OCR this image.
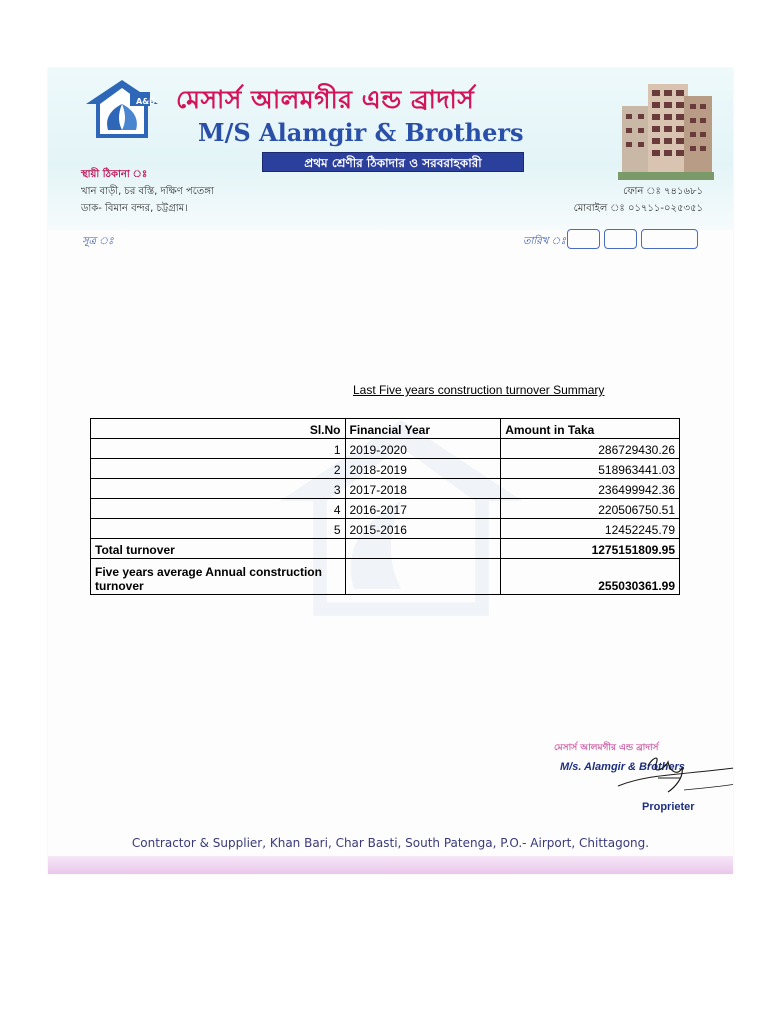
A&B মেসার্স আলমগীর এন্ড ব্রাদার্স
M/S Alamgir & Brothers
প্রথম শ্রেণীর ঠিকাদার ও সরবরাহকারী
স্থায়ী ঠিকানা ঃ
খান বাড়ী, চর বস্তি, দক্ষিণ পতেঙ্গা
ডাক- বিমান বন্দর, চট্টগ্রাম।
ফোন ঃ ৭৪১৬৮১
মোবাইল ঃ ০১৭১১-০২৫৩৫১
সূত্র ঃ	তারিখ ঃ
Last Five years construction turnover Summary
Sl.No	Financial Year	Amount in Taka
1	2019-2020	286729430.26
2	2018-2019	518963441.03
3	2017-2018	236499942.36
4	2016-2017	220506750.51
5	2015-2016	12452245.79
Total turnover		1275151809.95
Five years average Annual construction turnover		255030361.99
মেসার্স আলমগীর এন্ড ব্রাদার্স
M/s. Alamgir & Brothers
Proprieter
Contractor & Supplier, Khan Bari, Char Basti, South Patenga, P.O.- Airport, Chittagong.
